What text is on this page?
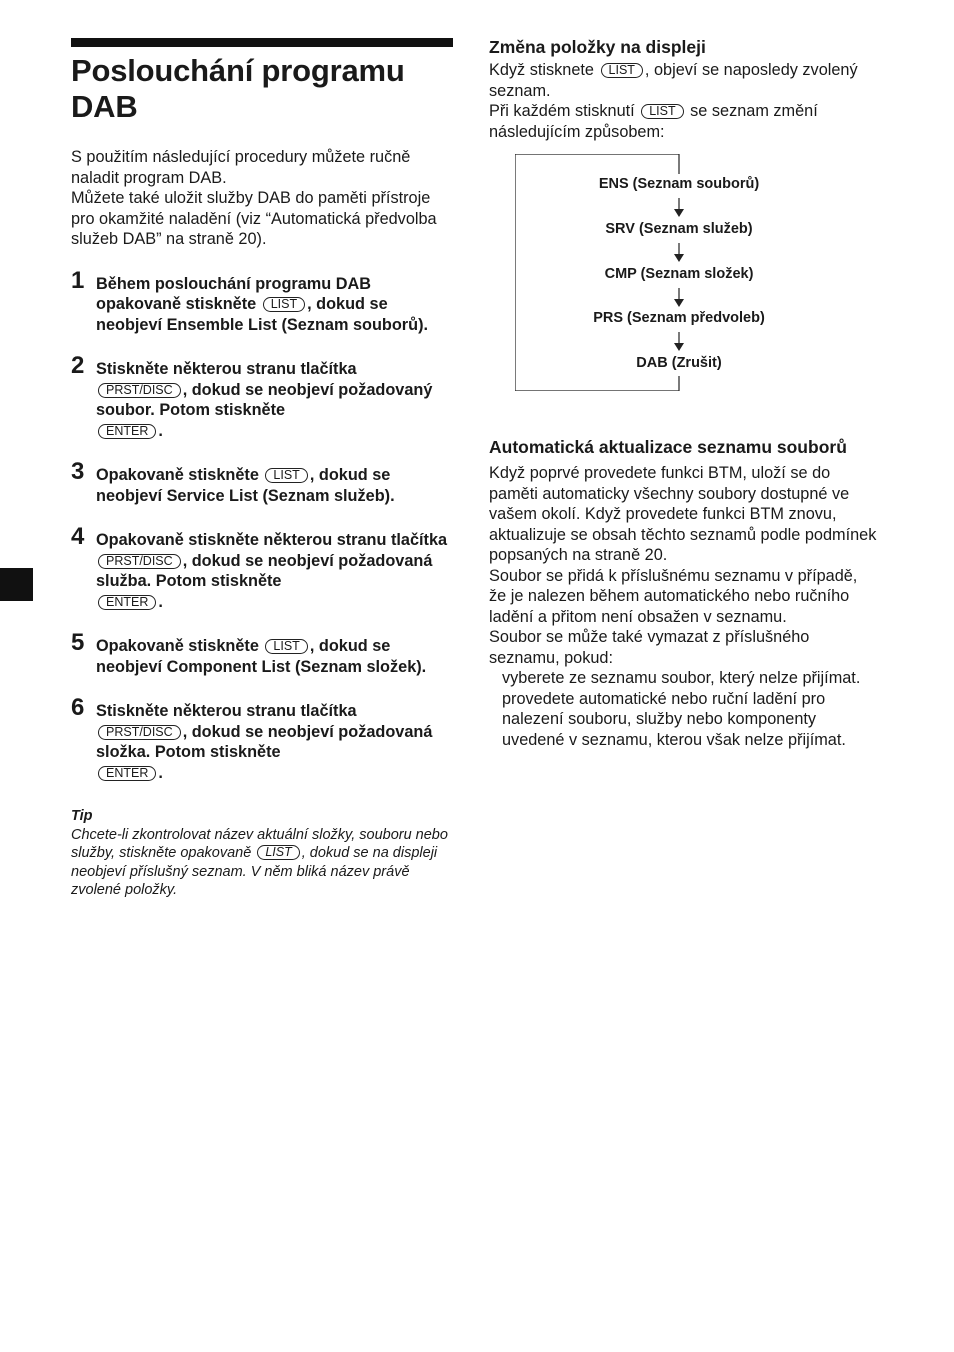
Poslouchání programu DAB

S použitím následující procedury můžete ručně naladit program DAB.

Můžete také uložit služby DAB do paměti přístroje pro okamžité naladění (viz “Automatická předvolba služeb DAB” na straně 20).

1 Během poslouchání programu DAB opakovaně stiskněte LIST , dokud se neobjeví Ensemble List (Seznam souborů).
2 Stiskněte některou stranu tlačítka
PRST/DISC , dokud se neobjeví požadovaný soubor. Potom stiskněte
ENTER .
3 Opakovaně stiskněte LIST , dokud se neobjeví Service List (Seznam služeb).
4 Opakovaně stiskněte některou stranu tlačítka PRST/DISC , dokud se neobjeví požadovaná služba. Potom stiskněte
ENTER .
5 Opakovaně stiskněte LIST , dokud se neobjeví Component List (Seznam složek).
6 Stiskněte některou stranu tlačítka
PRST/DISC , dokud se neobjeví požadovaná složka. Potom stiskněte
ENTER .
Tip
Chcete-li zkontrolovat název aktuální složky, souboru nebo služby, stiskněte opakovaně LIST , dokud se na displeji neobjeví příslušný seznam. V něm bliká název právě zvolené položky.
Změna položky na displeji

Když stisknete LIST , objeví se naposledy zvolený seznam.

Při každém stisknutí LIST se seznam změní následujícím způsobem:

ENS (Seznam souborů)
SRV (Seznam služeb)
CMP (Seznam složek)
PRS (Seznam předvoleb)
DAB (Zrušit)
Automatická aktualizace seznamu souborů

Když poprvé provedete funkci BTM, uloží se do paměti automaticky všechny soubory dostupné ve vašem okolí. Když provedete funkci BTM znovu, aktualizuje se obsah těchto seznamů podle podmínek popsaných na straně 20.

Soubor se přidá k příslušnému seznamu v případě, že je nalezen během automatického nebo ručního ladění a přitom není obsažen v seznamu.

Soubor se může také vymazat z příslušného seznamu, pokud:

vyberete ze seznamu soubor, který nelze přijímat.

provedete automatické nebo ruční ladění pro nalezení souboru, služby nebo komponenty uvedené v seznamu, kterou však nelze přijímat.
